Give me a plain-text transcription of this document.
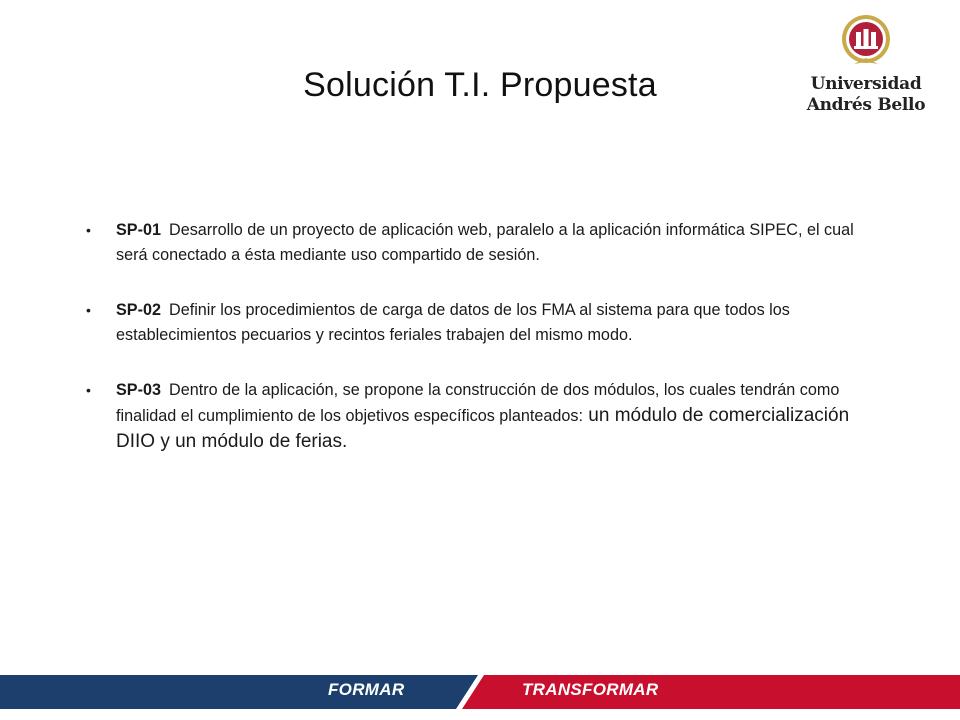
Solución T.I. Propuesta	Universidad
Andrés Bello
• SP-01 Desarrollo de un proyecto de aplicación web, paralelo a la aplicación informática SIPEC, el cual será conectado a ésta mediante uso compartido de sesión.
• SP-02 Definir los procedimientos de carga de datos de los FMA al sistema para que todos los establecimientos pecuarios y recintos feriales trabajen del mismo modo.
• SP-03 Dentro de la aplicación, se propone la construcción de dos módulos, los cuales tendrán como finalidad el cumplimiento de los objetivos específicos planteados: un módulo de comercialización DIIO y un módulo de ferias.
FORMAR	TRANSFORMAR
